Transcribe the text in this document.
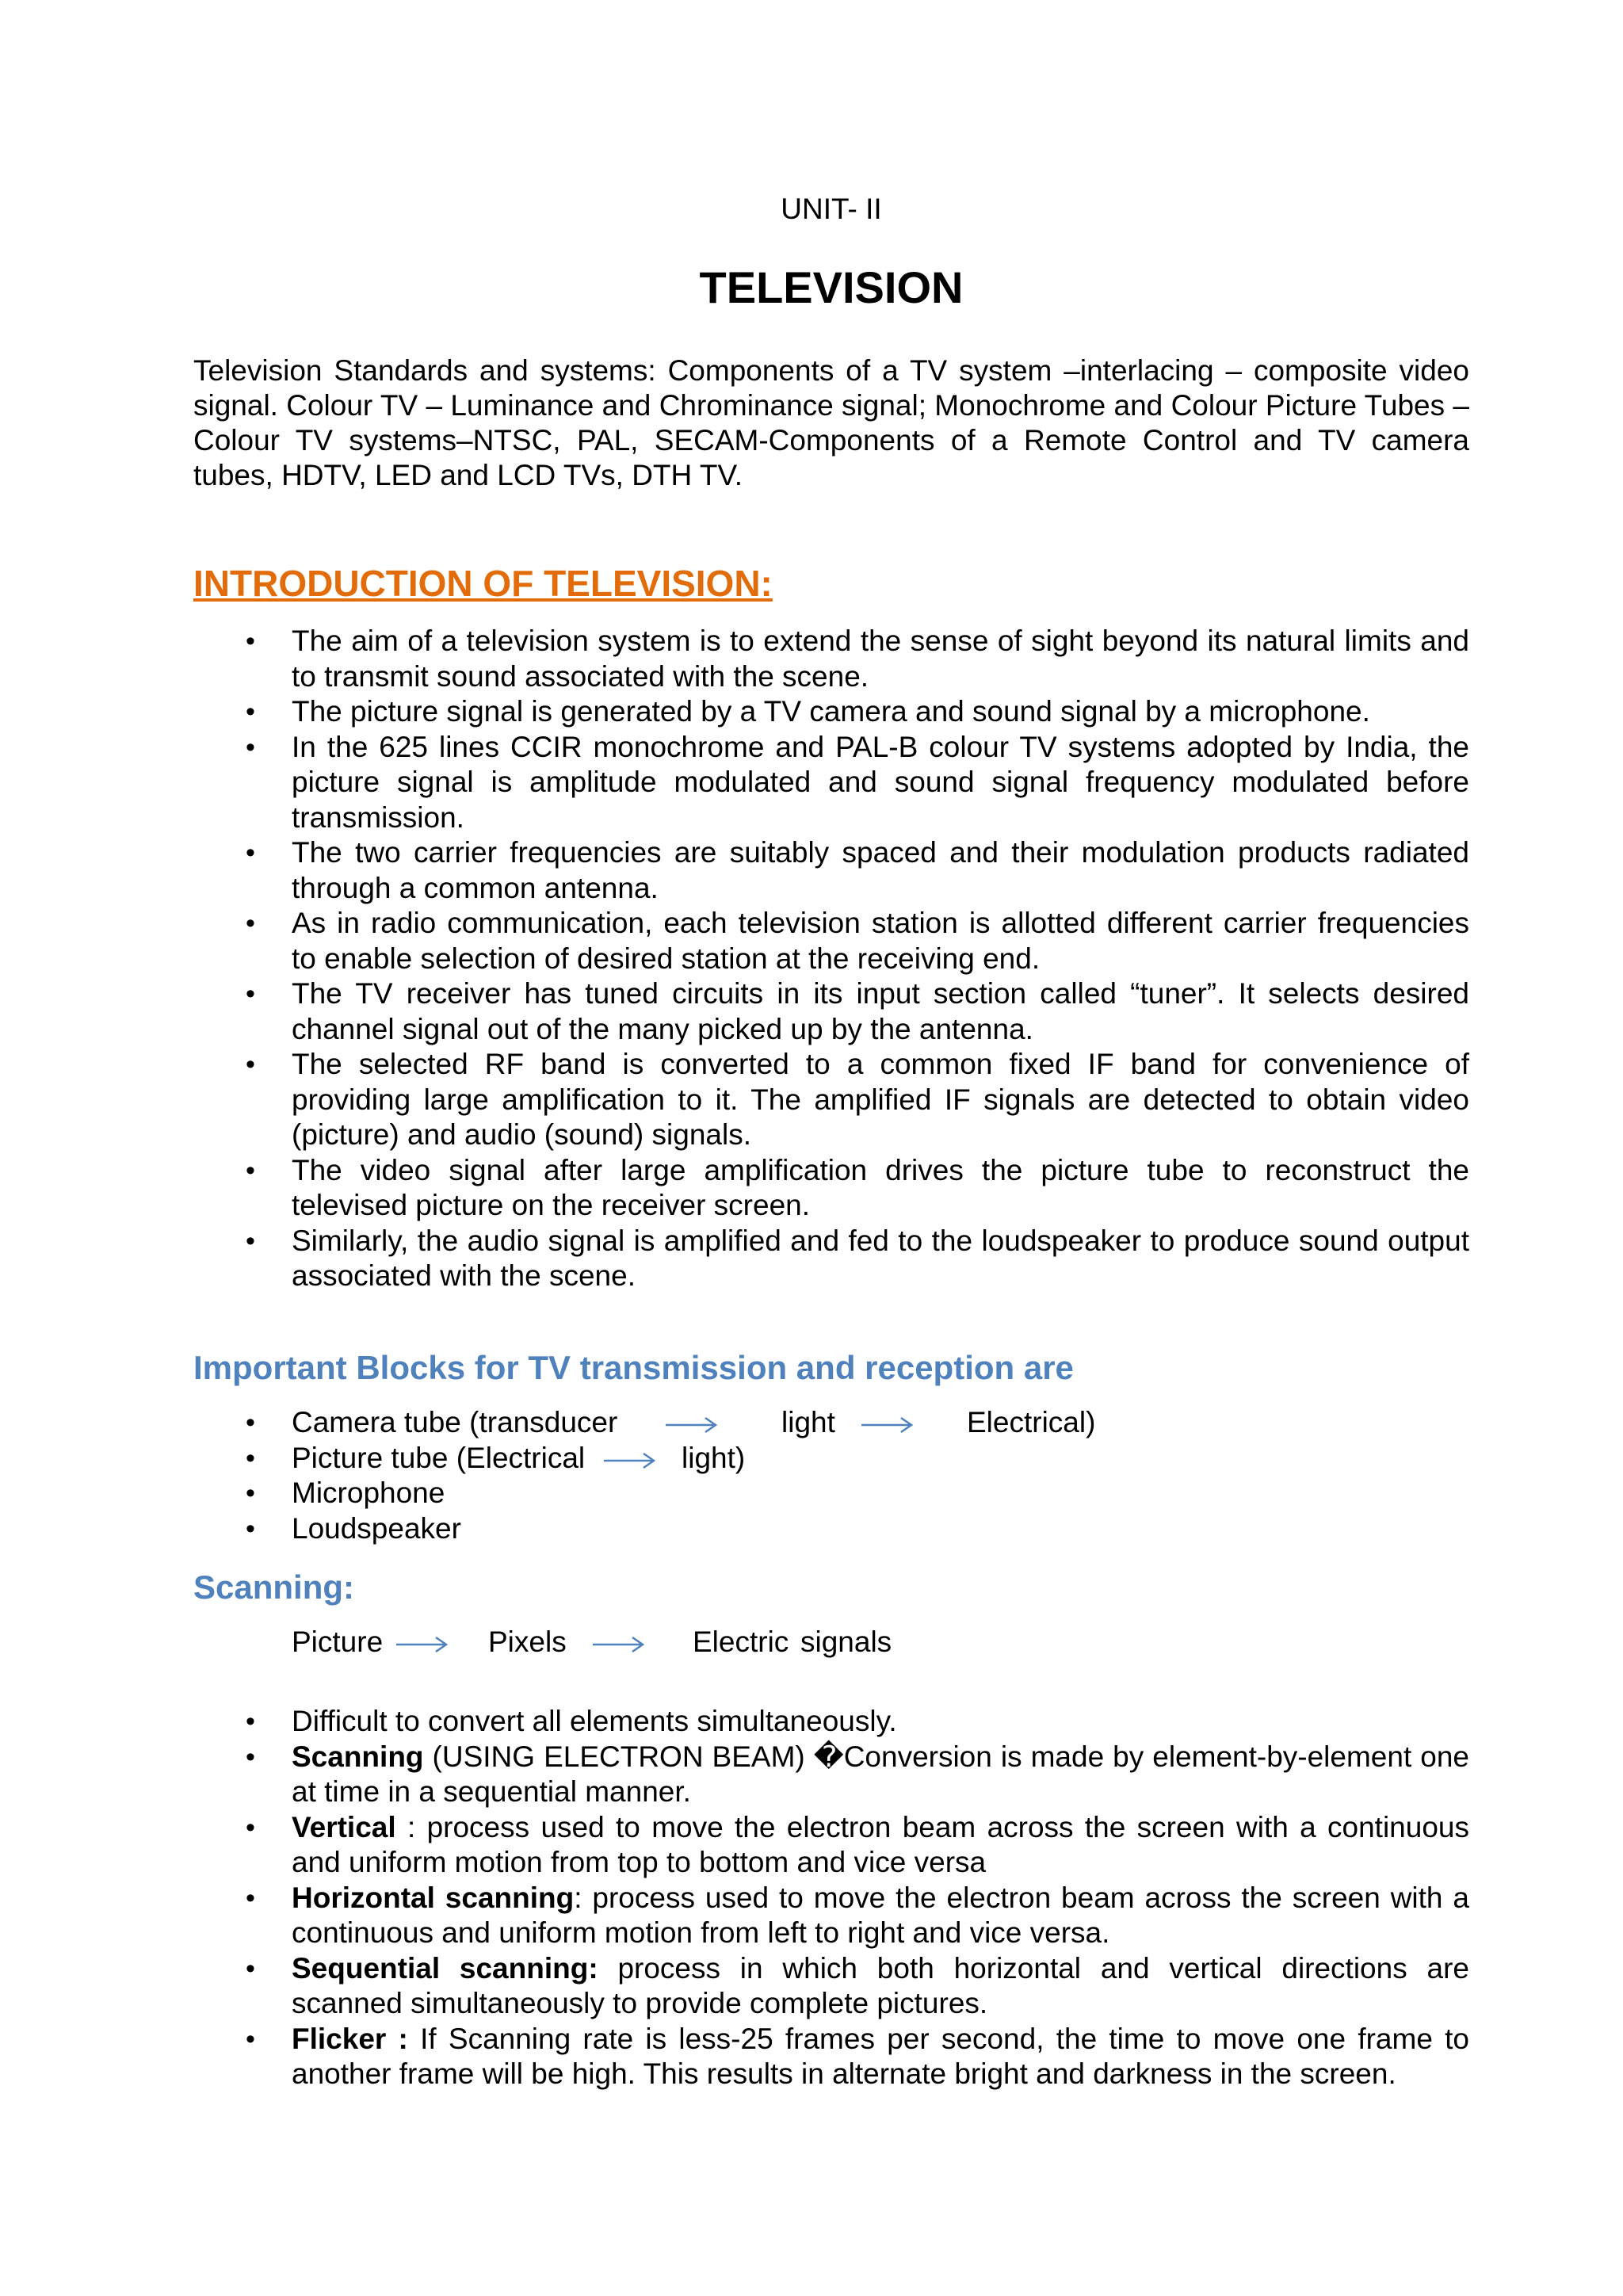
UNIT- II

TELEVISION

Television Standards and systems: Components of a TV system –interlacing – composite video signal. Colour TV – Luminance and Chrominance signal; Monochrome and Colour Picture Tubes – Colour TV systems–NTSC, PAL, SECAM-Components of a Remote Control and TV camera tubes, HDTV, LED and LCD TVs, DTH TV.

INTRODUCTION OF TELEVISION:
• The aim of a television system is to extend the sense of sight beyond its natural limits and to transmit sound associated with the scene.
• The picture signal is generated by a TV camera and sound signal by a microphone.
• In the 625 lines CCIR monochrome and PAL-B colour TV systems adopted by India, the picture signal is amplitude modulated and sound signal frequency modulated before transmission.
• The two carrier frequencies are suitably spaced and their modulation products radiated through a common antenna.
• As in radio communication, each television station is allotted different carrier frequencies to enable selection of desired station at the receiving end.
• The TV receiver has tuned circuits in its input section called “tuner”. It selects desired channel signal out of the many picked up by the antenna.
• The selected RF band is converted to a common fixed IF band for convenience of providing large amplification to it. The amplified IF signals are detected to obtain video (picture) and audio (sound) signals.
• The video signal after large amplification drives the picture tube to reconstruct the televised picture on the receiver screen.
• Similarly, the audio signal is amplified and fed to the loudspeaker to produce sound output associated with the scene.
Important Blocks for TV transmission and reception are
• Camera tube (transducer	light	Electrical)
• Picture tube (Electrical	light)
• Microphone
• Loudspeaker
Scanning:
Picture	Pixels	Electric signals
• Difficult to convert all elements simultaneously.
• Scanning (USING ELECTRON BEAM) �Conversion is made by element-by-element one at time in a sequential manner.
• Vertical : process used to move the electron beam across the screen with a continuous and uniform motion from top to bottom and vice versa
• Horizontal scanning: process used to move the electron beam across the screen with a continuous and uniform motion from left to right and vice versa.
• Sequential scanning: process in which both horizontal and vertical directions are scanned simultaneously to provide complete pictures.
• Flicker : If Scanning rate is less-25 frames per second, the time to move one frame to another frame will be high. This results in alternate bright and darkness in the screen.
